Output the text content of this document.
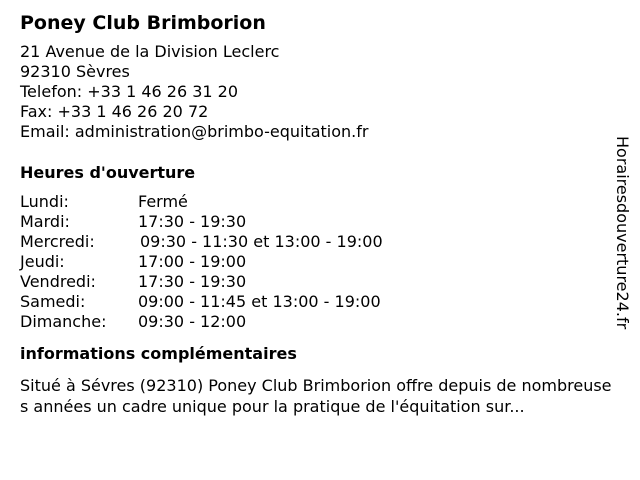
Poney Club Brimborion
21 Avenue de la Division Leclerc
92310 Sèvres
Telefon: +33 1 46 26 31 20
Fax: +33 1 46 26 20 72
Email: administration@brimbo-equitation.fr
Heures d'ouverture
Lundi:	Fermé
Mardi:	17:30 - 19:30
Mercredi:	09:30 - 11:30 et 13:00 - 19:00
Jeudi:	17:00 - 19:00
Vendredi:	17:30 - 19:30
Samedi:	09:00 - 11:45 et 13:00 - 19:00
Dimanche:	09:30 - 12:00
informations complémentaires
Situé à Sévres (92310) Poney Club Brimborion offre depuis de nombreuses années un cadre unique pour la pratique de l'équitation sur...
Horairesdouverture24.fr
